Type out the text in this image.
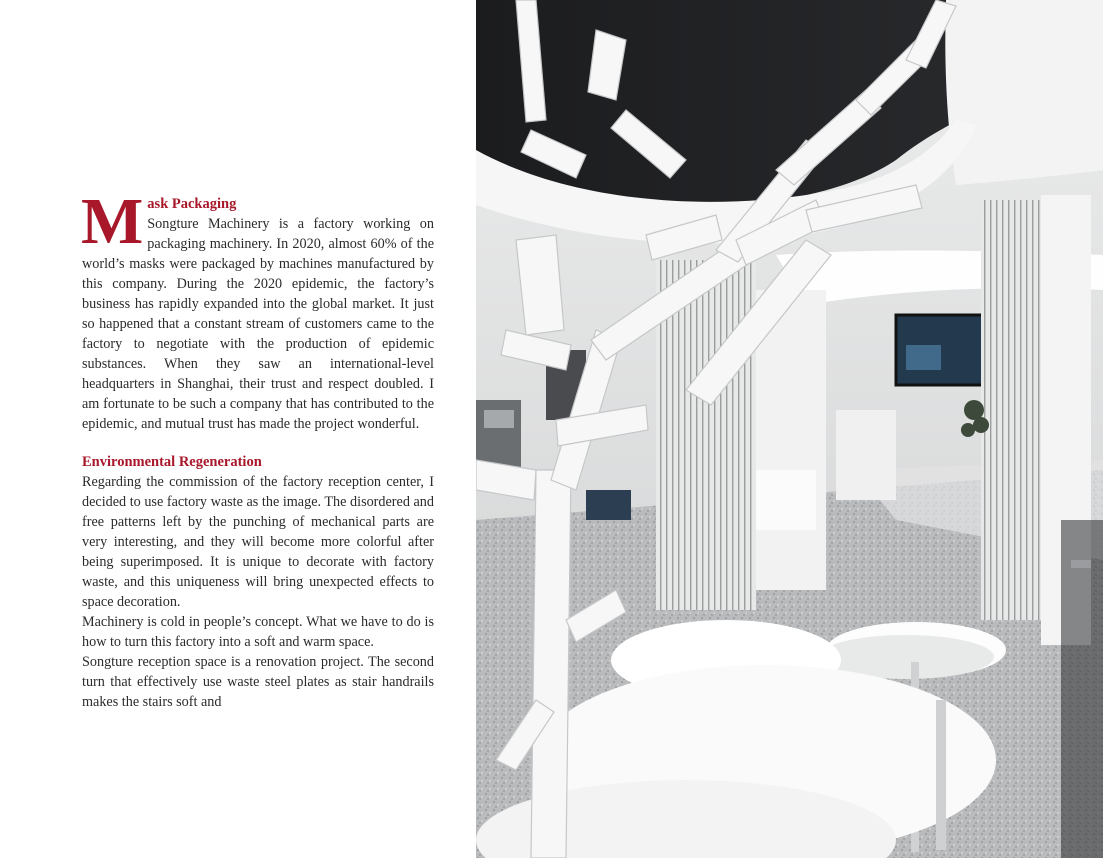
M ask Packaging

Songture Machinery is a factory working on packaging machinery. In 2020, almost 60% of the world’s masks were packaged by machines manufactured by this company. During the 2020 epidemic, the factory’s business has rapidly expanded into the global market. It just so happened that a constant stream of customers came to the factory to negotiate with the production of epidemic substances. When they saw an international-level headquarters in Shanghai, their trust and respect doubled. I am fortunate to be such a company that has contributed to the epidemic, and mutual trust has made the project wonderful.

Environmental Regeneration

Regarding the commission of the factory reception center, I decided to use factory waste as the image. The disordered and free patterns left by the punching of mechanical parts are very interesting, and they will become more colorful after being superimposed. It is unique to decorate with factory waste, and this uniqueness will bring unexpected effects to space decoration.

Machinery is cold in people’s concept. What we have to do is how to turn this factory into a soft and warm space.

Songture reception space is a renovation project. The second turn that effectively use waste steel plates as stair handrails makes the stairs soft and
